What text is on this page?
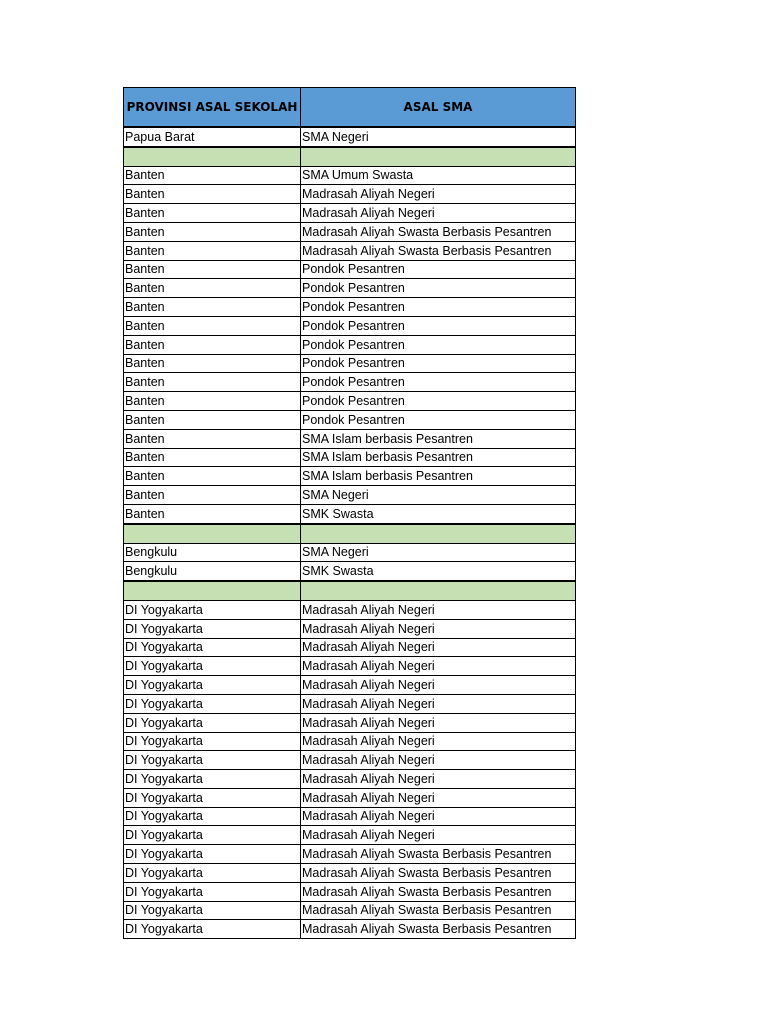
PROVINSI ASAL SEKOLAH	ASAL SMA
Papua Barat	SMA Negeri

Banten	SMA Umum Swasta
Banten	Madrasah Aliyah Negeri
Banten	Madrasah Aliyah Negeri
Banten	Madrasah Aliyah Swasta Berbasis Pesantren
Banten	Madrasah Aliyah Swasta Berbasis Pesantren
Banten	Pondok Pesantren
Banten	Pondok Pesantren
Banten	Pondok Pesantren
Banten	Pondok Pesantren
Banten	Pondok Pesantren
Banten	Pondok Pesantren
Banten	Pondok Pesantren
Banten	Pondok Pesantren
Banten	Pondok Pesantren
Banten	SMA Islam berbasis Pesantren
Banten	SMA Islam berbasis Pesantren
Banten	SMA Islam berbasis Pesantren
Banten	SMA Negeri
Banten	SMK Swasta

Bengkulu	SMA Negeri
Bengkulu	SMK Swasta

DI Yogyakarta	Madrasah Aliyah Negeri
DI Yogyakarta	Madrasah Aliyah Negeri
DI Yogyakarta	Madrasah Aliyah Negeri
DI Yogyakarta	Madrasah Aliyah Negeri
DI Yogyakarta	Madrasah Aliyah Negeri
DI Yogyakarta	Madrasah Aliyah Negeri
DI Yogyakarta	Madrasah Aliyah Negeri
DI Yogyakarta	Madrasah Aliyah Negeri
DI Yogyakarta	Madrasah Aliyah Negeri
DI Yogyakarta	Madrasah Aliyah Negeri
DI Yogyakarta	Madrasah Aliyah Negeri
DI Yogyakarta	Madrasah Aliyah Negeri
DI Yogyakarta	Madrasah Aliyah Negeri
DI Yogyakarta	Madrasah Aliyah Swasta Berbasis Pesantren
DI Yogyakarta	Madrasah Aliyah Swasta Berbasis Pesantren
DI Yogyakarta	Madrasah Aliyah Swasta Berbasis Pesantren
DI Yogyakarta	Madrasah Aliyah Swasta Berbasis Pesantren
DI Yogyakarta	Madrasah Aliyah Swasta Berbasis Pesantren
